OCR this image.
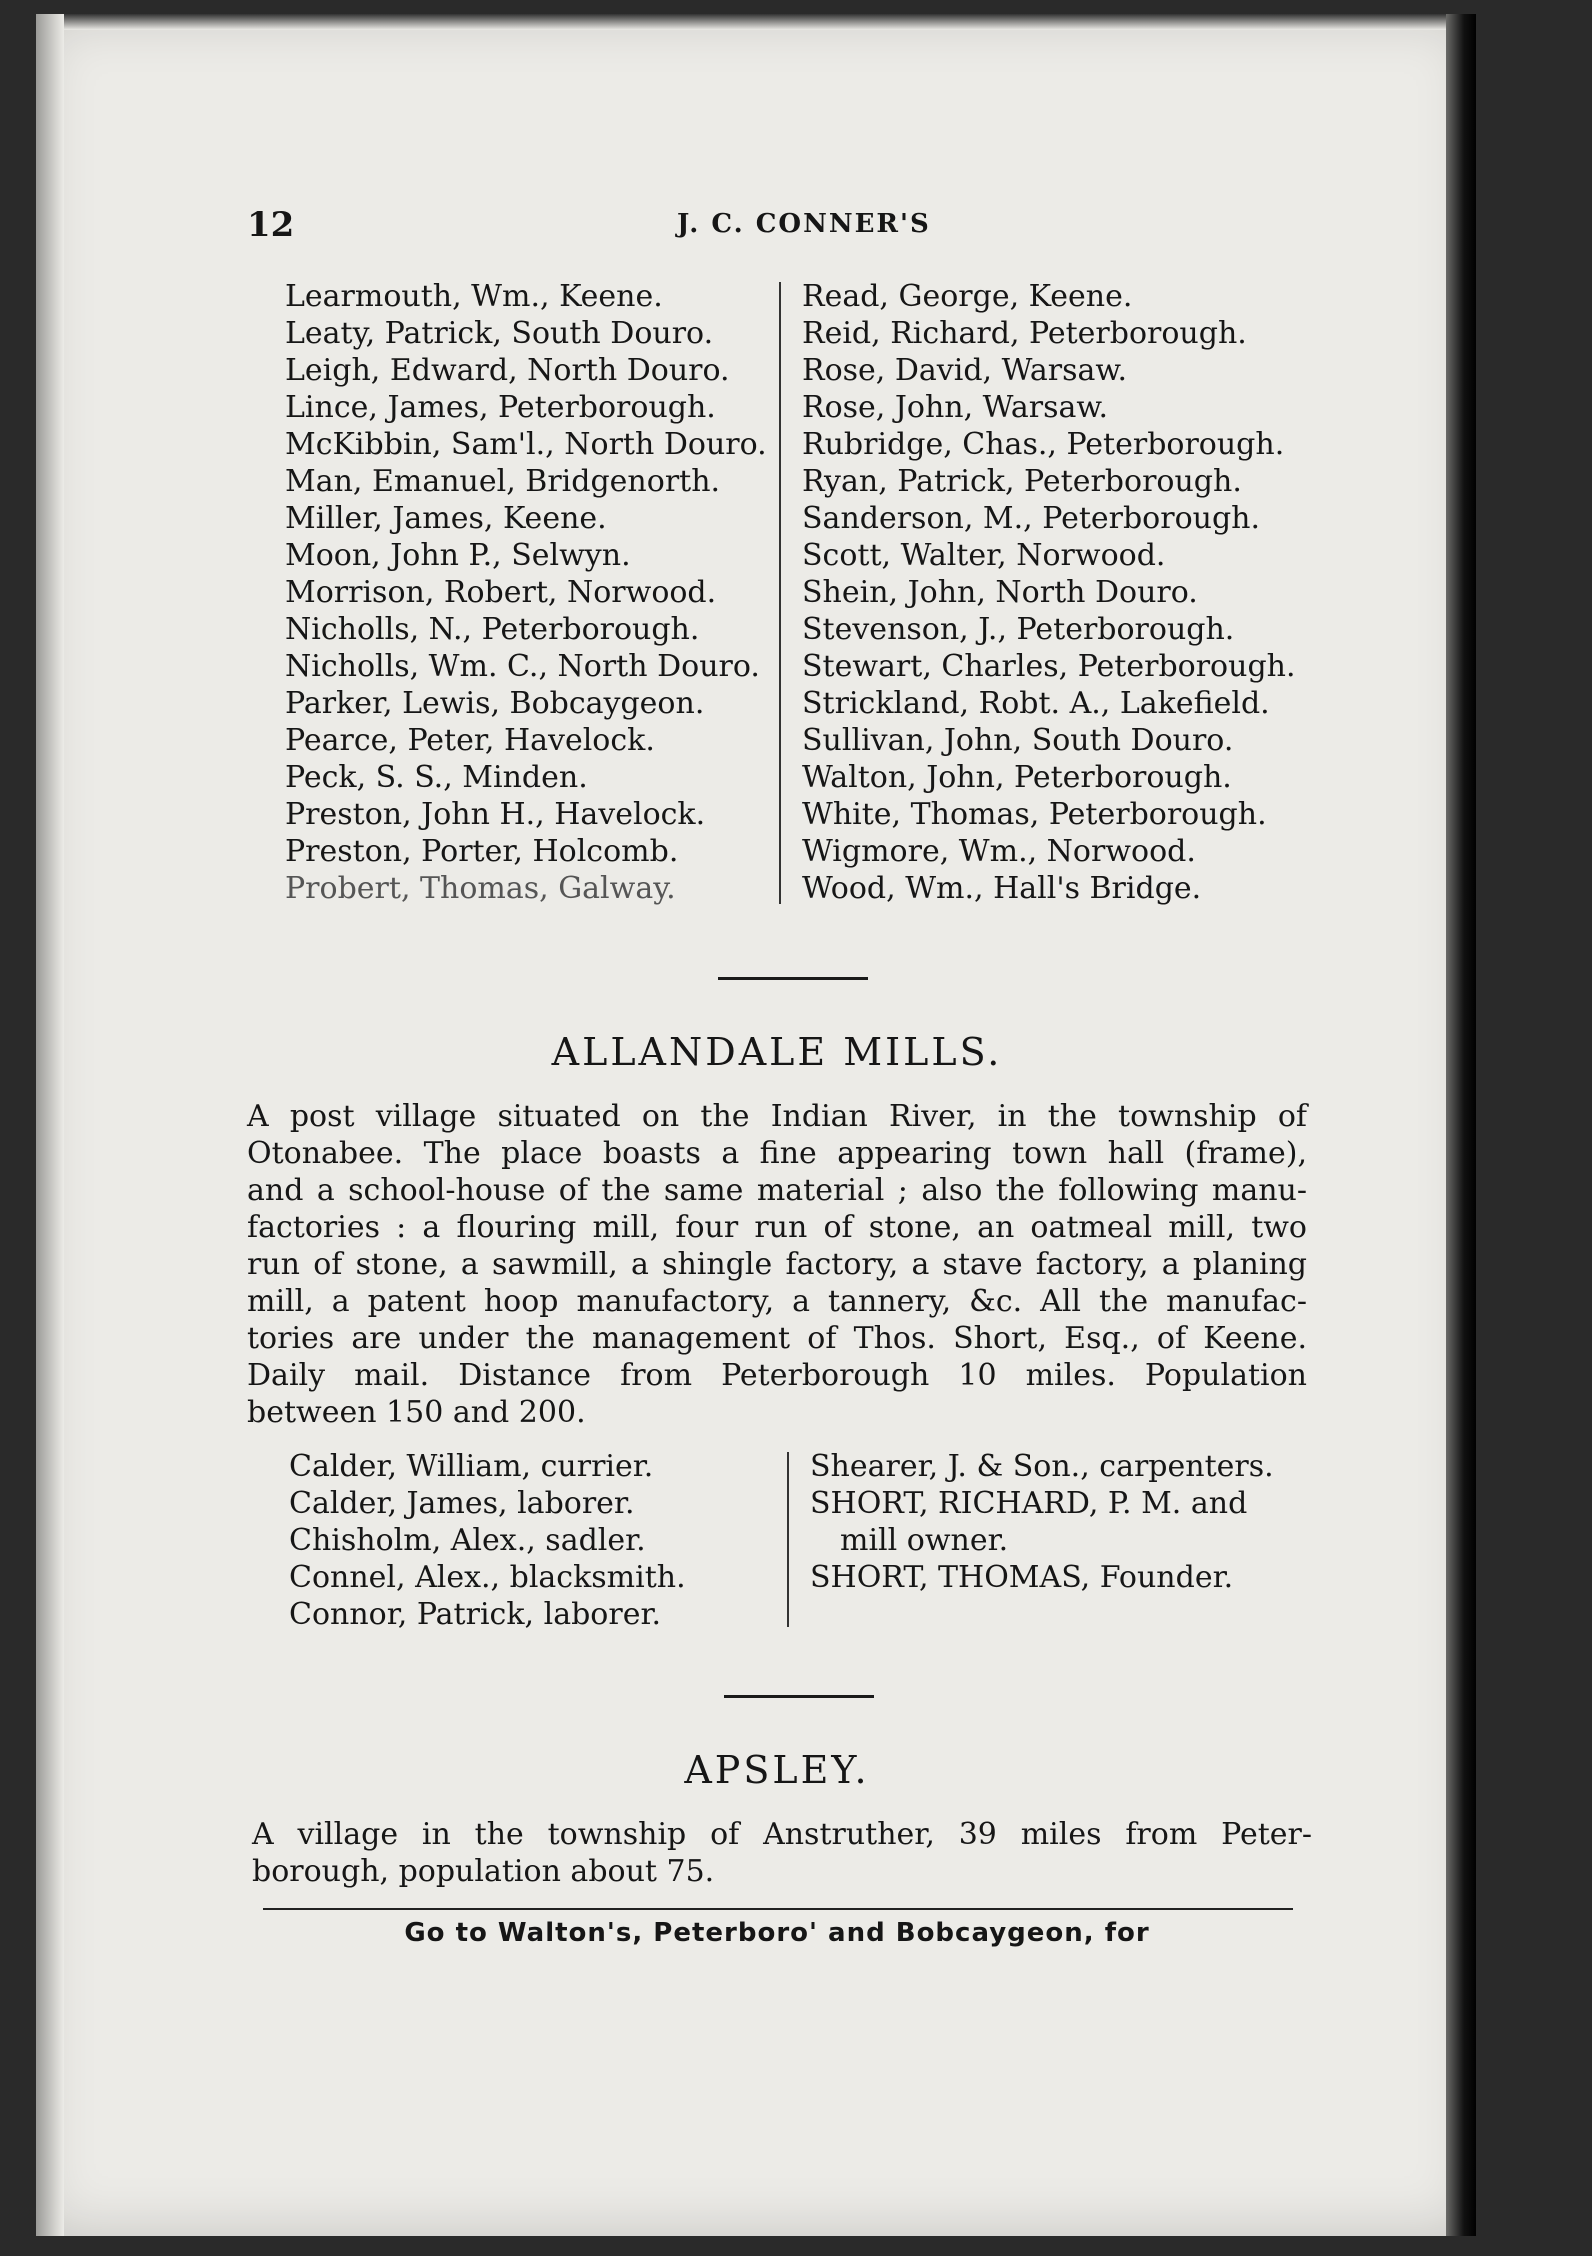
12	J. C. CONNER'S
Learmouth, Wm., Keene.
Leaty, Patrick, South Douro.
Leigh, Edward, North Douro.
Lince, James, Peterborough.
McKibbin, Sam'l., North Douro.
Man, Emanuel, Bridgenorth.
Miller, James, Keene.
Moon, John P., Selwyn.
Morrison, Robert, Norwood.
Nicholls, N., Peterborough.
Nicholls, Wm. C., North Douro.
Parker, Lewis, Bobcaygeon.
Pearce, Peter, Havelock.
Peck, S. S., Minden.
Preston, John H., Havelock.
Preston, Porter, Holcomb.
Probert, Thomas, Galway.
Read, George, Keene.
Reid, Richard, Peterborough.
Rose, David, Warsaw.
Rose, John, Warsaw.
Rubridge, Chas., Peterborough.
Ryan, Patrick, Peterborough.
Sanderson, M., Peterborough.
Scott, Walter, Norwood.
Shein, John, North Douro.
Stevenson, J., Peterborough.
Stewart, Charles, Peterborough.
Strickland, Robt. A., Lakefield.
Sullivan, John, South Douro.
Walton, John, Peterborough.
White, Thomas, Peterborough.
Wigmore, Wm., Norwood.
Wood, Wm., Hall's Bridge.
ALLANDALE MILLS.
A post village situated on the Indian River, in the township of
Otonabee. The place boasts a fine appearing town hall (frame),
and a school-house of the same material ; also the following manu-
factories : a flouring mill, four run of stone, an oatmeal mill, two
run of stone, a sawmill, a shingle factory, a stave factory, a planing
mill, a patent hoop manufactory, a tannery, &c. All the manufac-
tories are under the management of Thos. Short, Esq., of Keene.
Daily mail. Distance from Peterborough 10 miles. Population
between 150 and 200.
Calder, William, currier.
Calder, James, laborer.
Chisholm, Alex., sadler.
Connel, Alex., blacksmith.
Connor, Patrick, laborer.
Shearer, J. & Son., carpenters.
SHORT, RICHARD, P. M. and
mill owner.
SHORT, THOMAS, Founder.
APSLEY.
A village in the township of Anstruther, 39 miles from Peter-
borough, population about 75.
Go to Walton's, Peterboro' and Bobcaygeon, for
